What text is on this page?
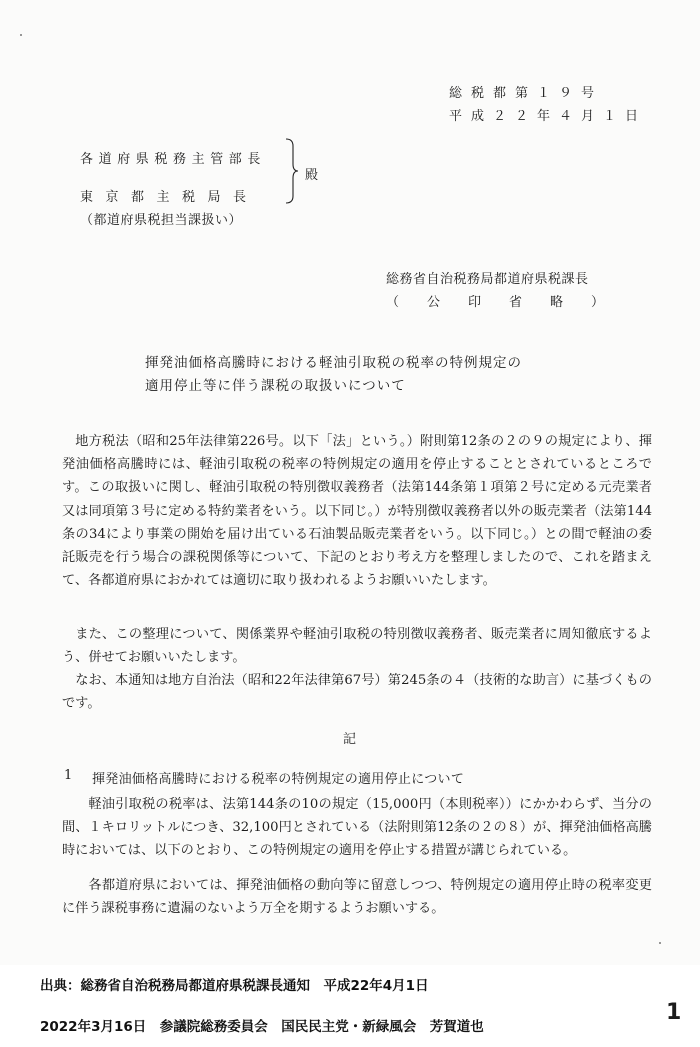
総税都第１９号
平成２２年４月１日
各道府県税務主管部長
東京都主税局長
（都道府県税担当課扱い）
殿
総務省自治税務局都道府県税課長
（公印省略）
揮発油価格高騰時における軽油引取税の税率の特例規定の
適用停止等に伴う課税の取扱いについて

地方税法（昭和25年法律第226号。以下「法」という。）附則第12条の２の９の規定により、揮発油価格高騰時には、軽油引取税の税率の特例規定の適用を停止することとされているところです。この取扱いに関し、軽油引取税の特別徴収義務者（法第144条第１項第２号に定める元売業者又は同項第３号に定める特約業者をいう。以下同じ。）が特別徴収義務者以外の販売業者（法第144条の34により事業の開始を届け出ている石油製品販売業者をいう。以下同じ。）との間で軽油の委託販売を行う場合の課税関係等について、下記のとおり考え方を整理しましたので、これを踏まえて、各都道府県におかれては適切に取り扱われるようお願いいたします。

また、この整理について、関係業界や軽油引取税の特別徴収義務者、販売業者に周知徹底するよう、併せてお願いいたします。

なお、本通知は地方自治法（昭和22年法律第67号）第245条の４（技術的な助言）に基づくものです。

記
1 揮発油価格高騰時における税率の特例規定の適用停止について

軽油引取税の税率は、法第144条の10の規定（15,000円（本則税率））にかかわらず、当分の間、１キロリットルにつき、32,100円とされている（法附則第12条の２の８）が、揮発油価格高騰時においては、以下のとおり、この特例規定の適用を停止する措置が講じられている。

各都道府県においては、揮発油価格の動向等に留意しつつ、特例規定の適用停止時の税率変更に伴う課税事務に遺漏のないよう万全を期するようお願いする。

出典：総務省自治税務局都道府県税課長通知　平成22年4月1日
2022年3月16日　参議院総務委員会　国民民主党・新緑風会　芳賀道也
1
